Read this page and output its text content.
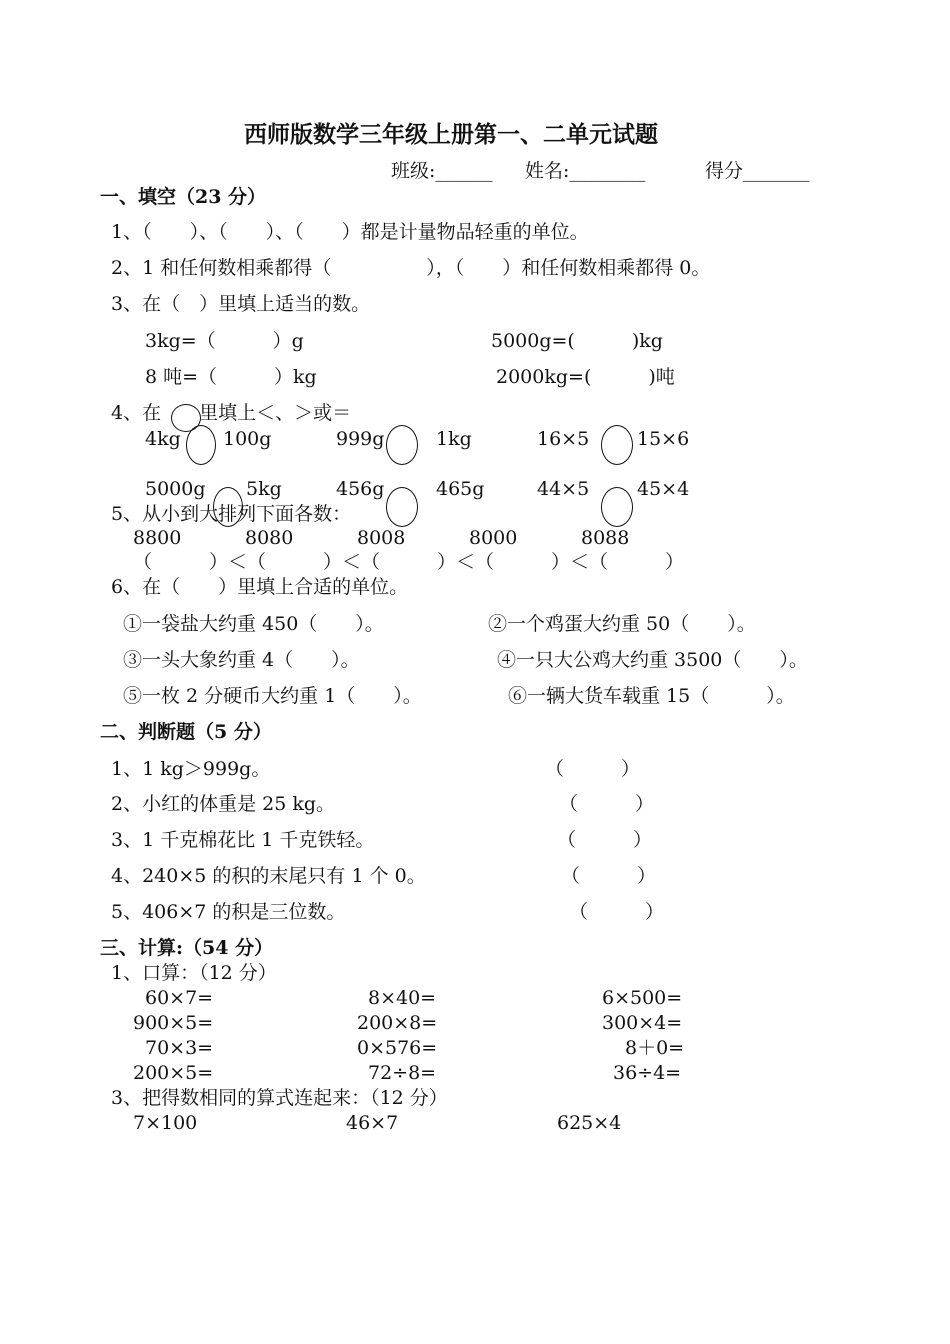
西师版数学三年级上册第一、二单元试题
班级:______ 姓名:________	得分_______
一、填空（23 分）
1、（　　）、（　　）、（　　）都是计量物品轻重的单位。
2、1 和任何数相乘都得（　　　　　），（　　）和任何数相乘都得 0。
3、在（　）里填上适当的数。
3kg=（　　　）g	5000g=(　　　)kg
8 吨=（　　　）kg	2000kg=(　　　)吨
4、在　　里填上＜、＞或＝
4kg 100g	999g	1kg	16×5	15×6
5000g 5kg	456g	465g	44×5	45×4
5、从小到大排列下面各数：
8800	8080	8008	8000	8088
（　　　）＜（　　　）＜（　　　）＜（　　　）＜（　　　）
6、在（　　）里填上合适的单位。
①一袋盐大约重 450（　　）。	②一个鸡蛋大约重 50（　　）。
③一头大象约重 4（　　）。	④一只大公鸡大约重 3500（　　）。
⑤一枚 2 分硬币大约重 1（　　）。	⑥一辆大货车载重 15（　　　）。
二、判断题（5 分）
1、1 kg＞999g。	（　　　）
2、小红的体重是 25 kg。	（　　　）
3、1 千克棉花比 1 千克铁轻。	（　　　）
4、240×5 的积的末尾只有 1 个 0。	（　　　）
5、406×7 的积是三位数。	（　　　）
三、计算:（54 分）
1、口算：（12 分）
60×7=	8×40=	6×500=
900×5=	200×8=	300×4=
70×3=	0×576=	8＋0=
200×5=	72÷8=	36÷4=
3、把得数相同的算式连起来：（12 分）
7×100	46×7	625×4
